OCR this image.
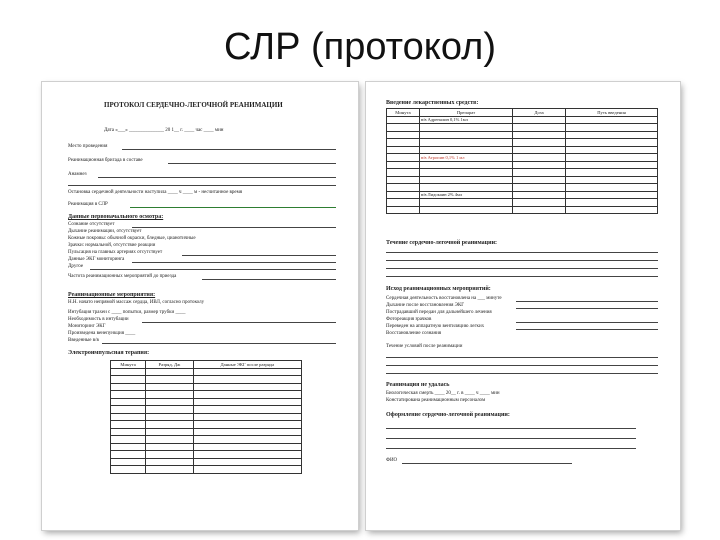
СЛР (протокол)
ПРОТОКОЛ СЕРДЕЧНО-ЛЕГОЧНОЙ РЕАНИМАЦИИ
Дата «___» ______________ 20 1__ г. ____ час ____ мин
Место проведения
Реанимационная бригада в составе
Анамнез
Остановка сердечной деятельности наступила ____ ч ____ м - несчитанное время
Реанимация в СЛР
Данные первоначального осмотра:
Сознание отсутствует
Дыхание реанимации, отсутствует
Кожные покровы: обычной окраски, бледные, цианотичные
Зрачки: нормальной, отсутствие реакции
Пульсация на главных артериях отсутствует
Данные ЭКГ мониторинга
Другое
Частота реанимационных мероприятий до приезда
Реанимационные мероприятия:
Н.Н. начато непрямой массаж сердца, ИВЛ, согласно протоколу
Интубация трахеи с ____ попытки, размер трубки ____
Необходимость в интубации
Мониторинг ЭКГ
Произведена венепункция ____
Введенные в/в
Электроимпульсная терапия:
Минута	Разряд, Дж	Данные ЭКГ после разряда

Введение лекарственных средств:
Минута	Препарат	Доза	Путь введения
	в/в Адреналин 0,1% 1мл		

	в/в Атропин 0,1% 1 мл		

	в/в Лидокаин 2% 4мл		

Течение сердечно-легочной реанимации:
Исход реанимационных мероприятий:
Сердечная деятельность восстановлена на ___ минуте
Дыхание после восстановления ЭКГ
Пострадавший передан для дальнейшего лечения
Фотореакция зрачков
Переведен на аппаратную вентиляцию легких
Восстановление сознания
Течение условий после реанимации
Реанимация не удалась
Биологическая смерть ____ 20__ г. в ____ ч ____ мин
Констатирована реанимационным персоналом
Оформление сердечно-легочной реанимации:
ФИО
